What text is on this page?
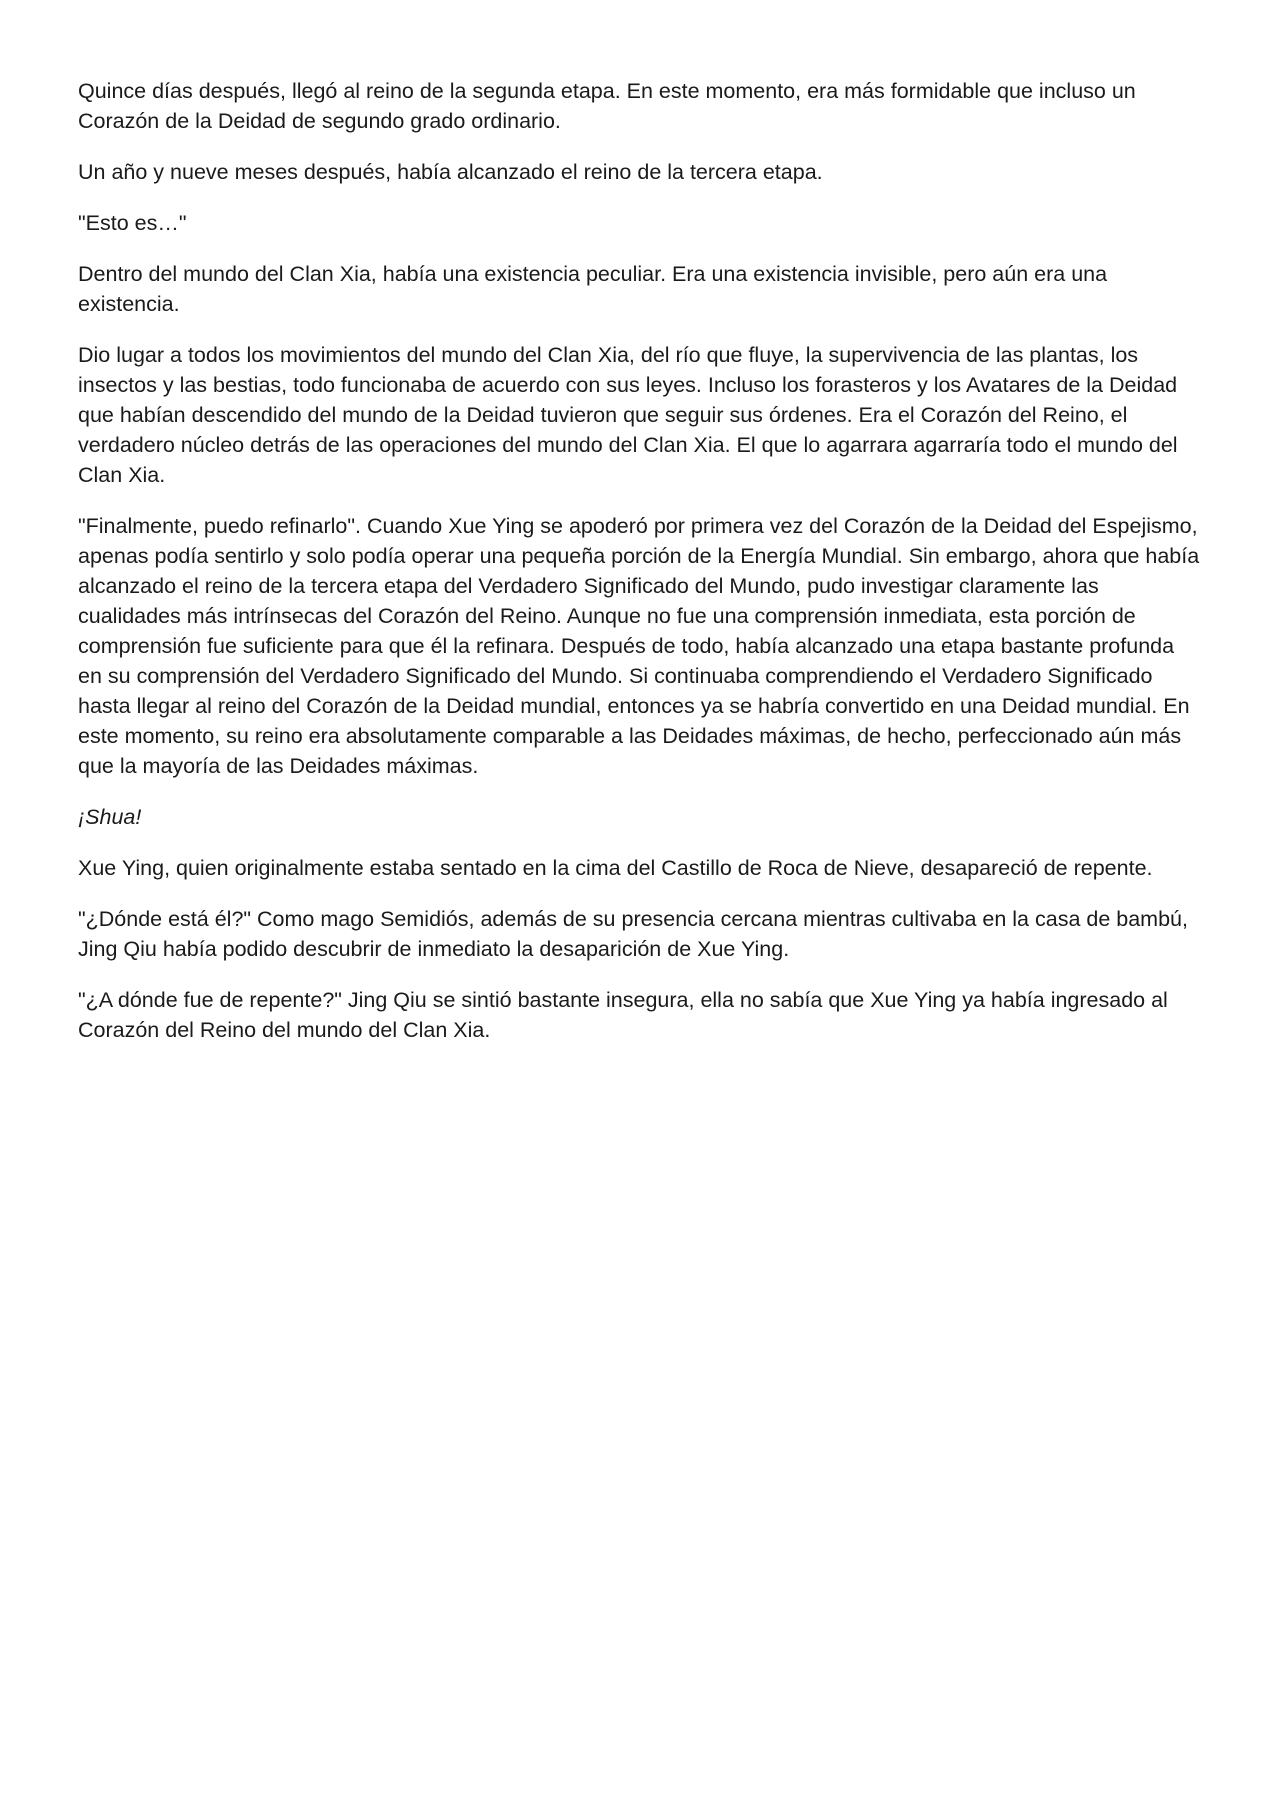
Quince días después, llegó al reino de la segunda etapa. En este momento, era más formidable que incluso un Corazón de la Deidad de segundo grado ordinario.

Un año y nueve meses después, había alcanzado el reino de la tercera etapa.

"Esto es…"

Dentro del mundo del Clan Xia, había una existencia peculiar. Era una existencia invisible, pero aún era una existencia.

Dio lugar a todos los movimientos del mundo del Clan Xia, del río que fluye, la supervivencia de las plantas, los insectos y las bestias, todo funcionaba de acuerdo con sus leyes. Incluso los forasteros y los Avatares de la Deidad que habían descendido del mundo de la Deidad tuvieron que seguir sus órdenes. Era el Corazón del Reino, el verdadero núcleo detrás de las operaciones del mundo del Clan Xia. El que lo agarrara agarraría todo el mundo del Clan Xia.

"Finalmente, puedo refinarlo". Cuando Xue Ying se apoderó por primera vez del Corazón de la Deidad del Espejismo, apenas podía sentirlo y solo podía operar una pequeña porción de la Energía Mundial. Sin embargo, ahora que había alcanzado el reino de la tercera etapa del Verdadero Significado del Mundo, pudo investigar claramente las cualidades más intrínsecas del Corazón del Reino. Aunque no fue una comprensión inmediata, esta porción de comprensión fue suficiente para que él la refinara. Después de todo, había alcanzado una etapa bastante profunda en su comprensión del Verdadero Significado del Mundo. Si continuaba comprendiendo el Verdadero Significado hasta llegar al reino del Corazón de la Deidad mundial, entonces ya se habría convertido en una Deidad mundial. En este momento, su reino era absolutamente comparable a las Deidades máximas, de hecho, perfeccionado aún más que la mayoría de las Deidades máximas.

¡Shua!

Xue Ying, quien originalmente estaba sentado en la cima del Castillo de Roca de Nieve, desapareció de repente.

"¿Dónde está él?" Como mago Semidiós, además de su presencia cercana mientras cultivaba en la casa de bambú, Jing Qiu había podido descubrir de inmediato la desaparición de Xue Ying.

"¿A dónde fue de repente?" Jing Qiu se sintió bastante insegura, ella no sabía que Xue Ying ya había ingresado al Corazón del Reino del mundo del Clan Xia.
